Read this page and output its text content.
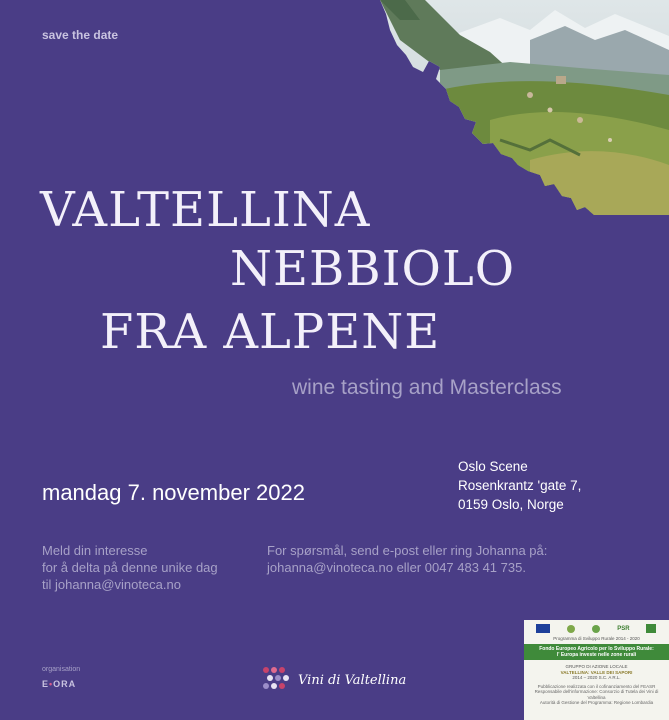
save the date
VALTELLINA
NEBBIOLO
FRA ALPENE
wine tasting and Masterclass
mandag 7. november 2022
Oslo Scene
Rosenkrantz 'gate 7,
0159 Oslo, Norge
Meld din interesse
for å delta på denne unike dag
til johanna@vinoteca.no
For spørsmål, send e-post eller ring Johanna på:
johanna@vinoteca.no eller 0047 483 41 735.
organisation
E•ORA	Vini di Valtellina
PSR
Programma di Sviluppo Rurale 2014 - 2020
Fondo Europeo Agricolo per lo Sviluppo Rurale:
l' Europa investe nelle zone rurali
GRUPPO DI AZIONE LOCALE
VALTELLINA: VALLE DEI SAPORI
2014 – 2020 S.C. A R.L.
Pubblicazione realizzata con il cofinanziamento del FEASR
Responsabile dell'informazione: Consorzio di Tutela dei Vini di Valtellina
Autorità di Gestione del Programma: Regione Lombardia
